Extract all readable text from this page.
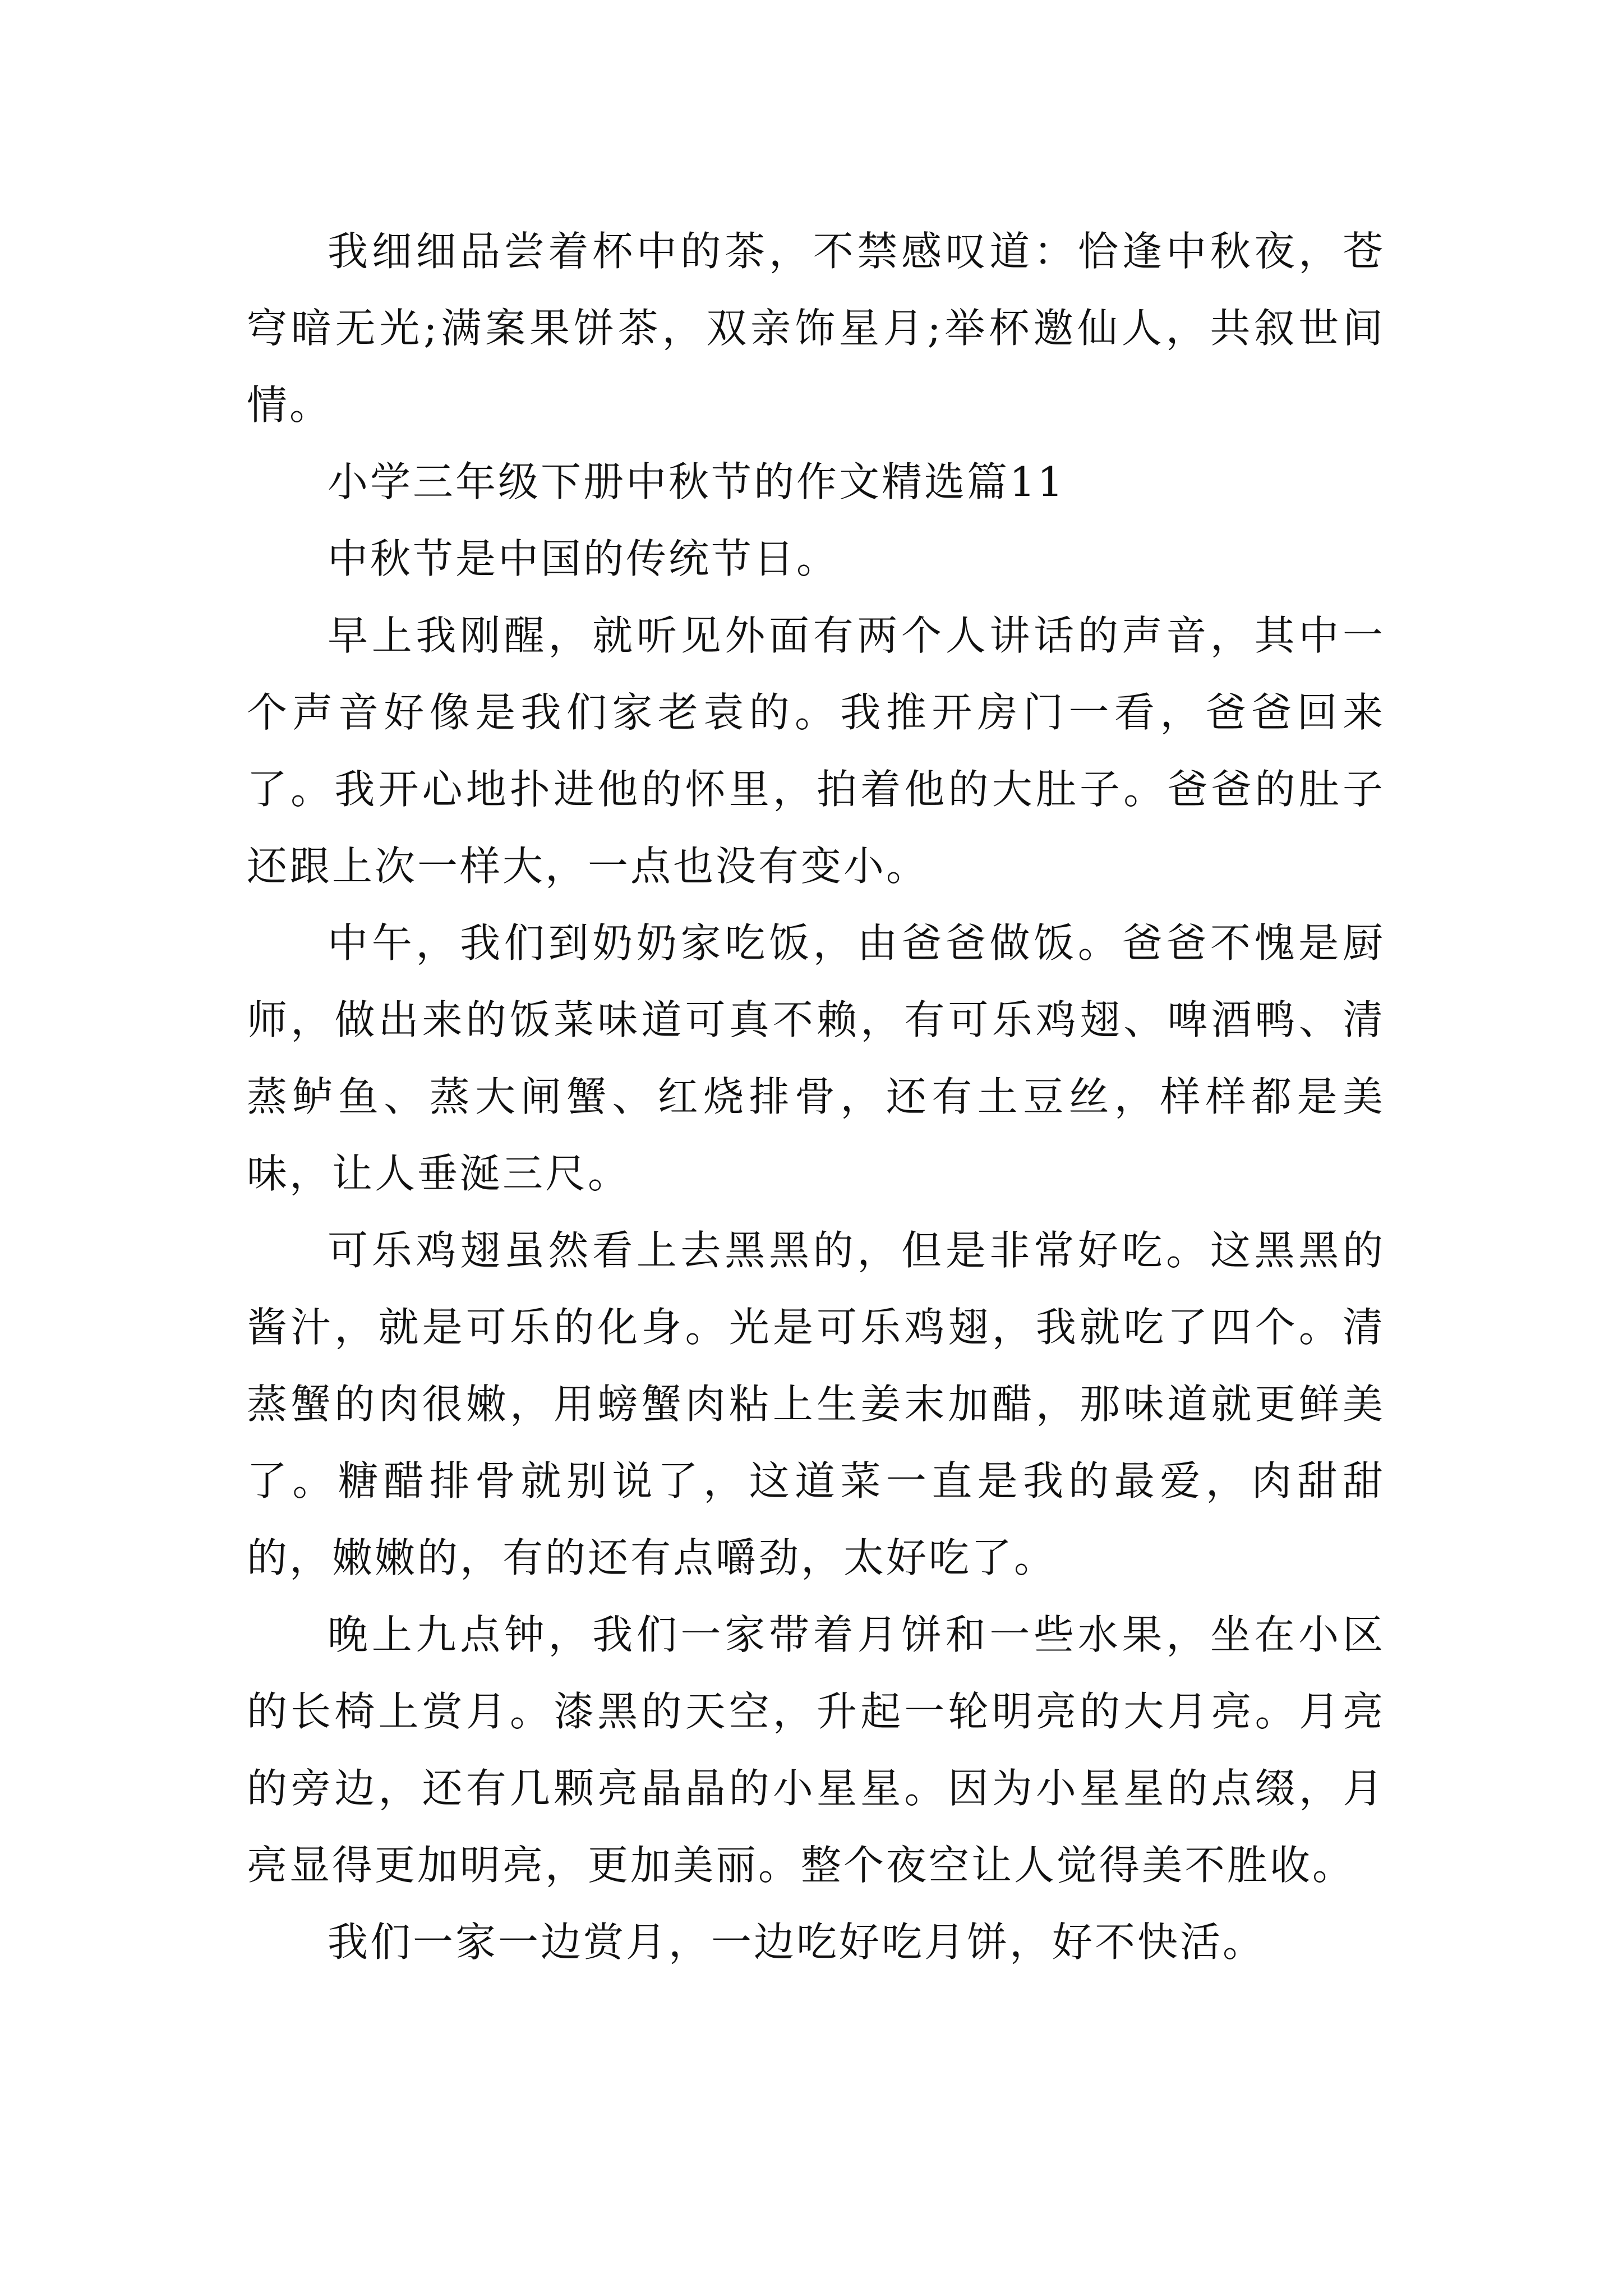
我细细品尝着杯中的茶，不禁感叹道：恰逢中秋夜，苍穹暗无光;满案果饼茶，双亲饰星月;举杯邀仙人，共叙世间情。

小学三年级下册中秋节的作文精选篇11

中秋节是中国的传统节日。

早上我刚醒，就听见外面有两个人讲话的声音，其中一个声音好像是我们家老袁的。我推开房门一看，爸爸回来了。我开心地扑进他的怀里，拍着他的大肚子。爸爸的肚子还跟上次一样大，一点也没有变小。

中午，我们到奶奶家吃饭，由爸爸做饭。爸爸不愧是厨师，做出来的饭菜味道可真不赖，有可乐鸡翅、啤酒鸭、清蒸鲈鱼、蒸大闸蟹、红烧排骨，还有土豆丝，样样都是美味，让人垂涎三尺。

可乐鸡翅虽然看上去黑黑的，但是非常好吃。这黑黑的酱汁，就是可乐的化身。光是可乐鸡翅，我就吃了四个。清蒸蟹的肉很嫩，用螃蟹肉粘上生姜末加醋，那味道就更鲜美了。糖醋排骨就别说了，这道菜一直是我的最爱，肉甜甜的，嫩嫩的，有的还有点嚼劲，太好吃了。

晚上九点钟，我们一家带着月饼和一些水果，坐在小区的长椅上赏月。漆黑的天空，升起一轮明亮的大月亮。月亮的旁边，还有几颗亮晶晶的小星星。因为小星星的点缀，月亮显得更加明亮，更加美丽。整个夜空让人觉得美不胜收。

我们一家一边赏月，一边吃好吃月饼，好不快活。
